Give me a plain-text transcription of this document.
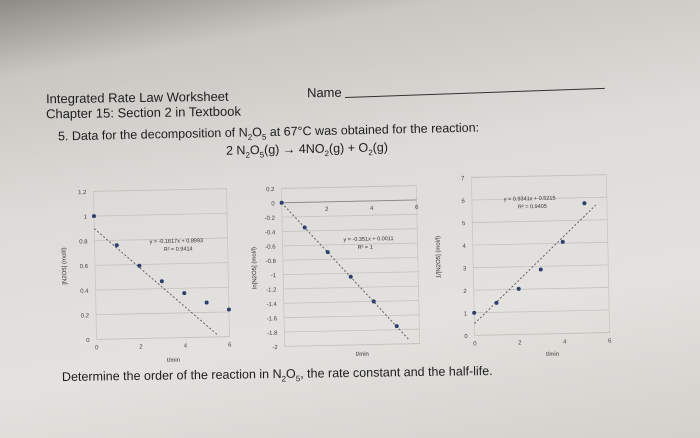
Integrated Rate Law Worksheet
Chapter 15: Section 2 in Textbook
Name
5. Data for the decomposition of $N_2O_5$ at 67°C was obtained for the reaction:
2 $N_2O_5(g) \to 4NO_2(g) + O_2(g)$
0
0.2
0.4
0.6
0.8
1
1.2
0	2	4	6
y = -0.1617x + 0.8993
R² = 0.9414
[N2O5] (mol/l)
t/min
0.2
0
-0.2
-0.4
-0.6
-0.8
-1
-1.2
-1.4
-1.6
-1.8
-2
2	4	6
y = -0.351x + 0.0011
R² = 1
ln[N2O5] (mol/l)
t/min
0
1
2
3
4
5
6
7
0	2	4	6
y = 0.9341x + 0.5215
R² = 0.9405
1/[N2O5] (mol/l)
t/min
Determine the order of the reaction in $N_2O_5$, the rate constant and the half-life.
